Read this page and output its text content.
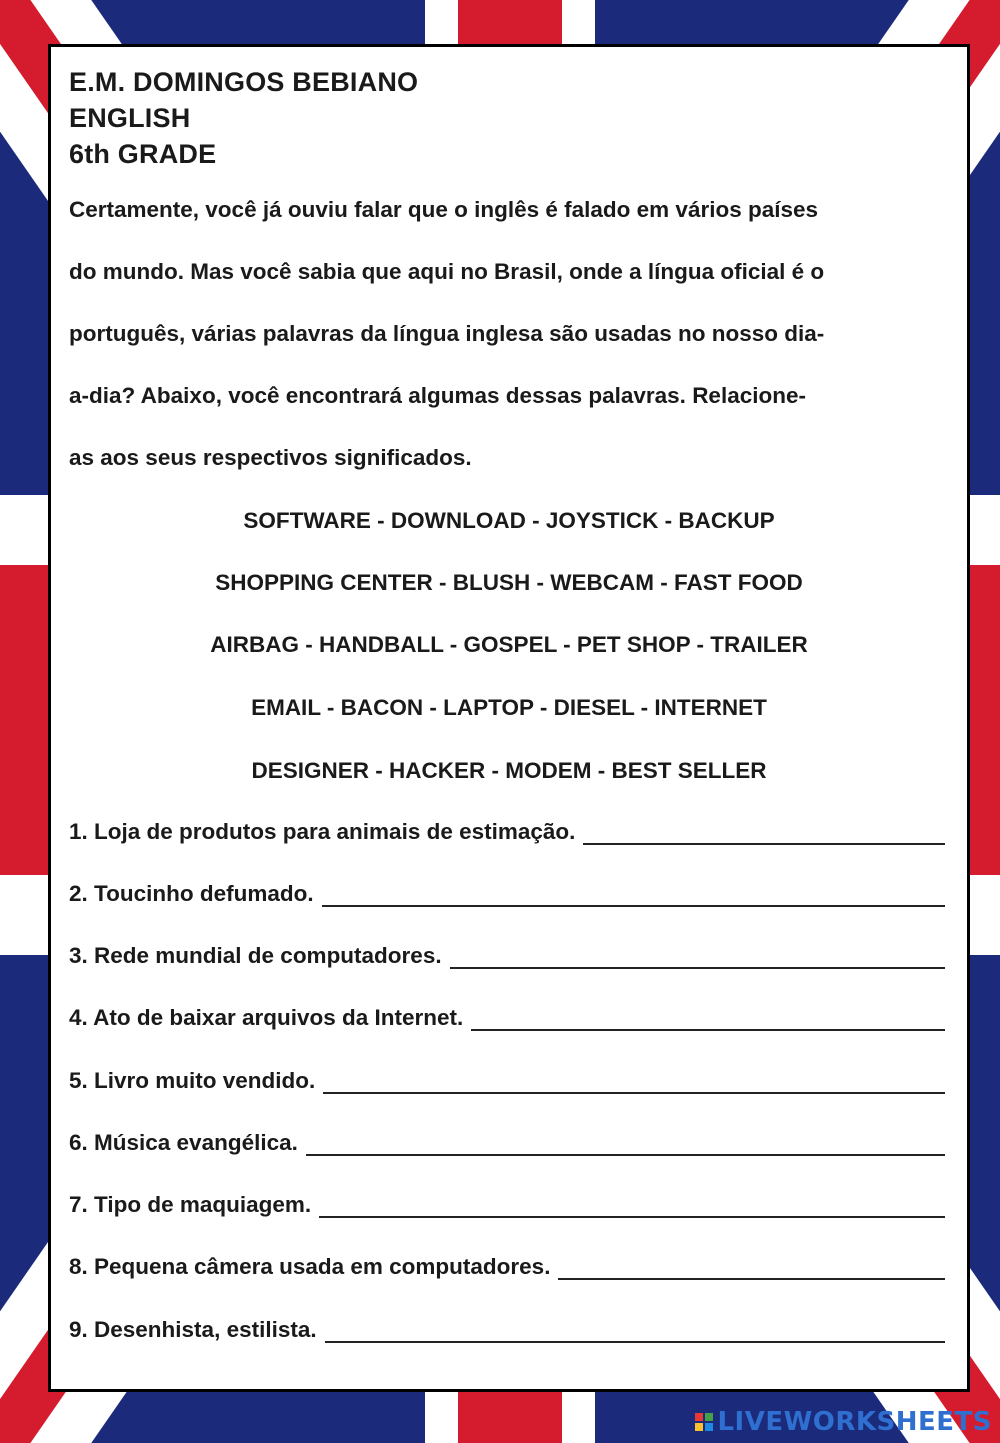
E.M. DOMINGOS BEBIANO
ENGLISH
6th GRADE
Certamente, você já ouviu falar que o inglês é falado em vários países
do mundo. Mas você sabia que aqui no Brasil, onde a língua oficial é o
português, várias palavras da língua inglesa são usadas no nosso dia-
a-dia? Abaixo, você encontrará algumas dessas palavras. Relacione-
as aos seus respectivos significados.
SOFTWARE - DOWNLOAD - JOYSTICK - BACKUP
SHOPPING CENTER - BLUSH - WEBCAM - FAST FOOD
AIRBAG - HANDBALL - GOSPEL - PET SHOP - TRAILER
EMAIL - BACON - LAPTOP - DIESEL - INTERNET
DESIGNER - HACKER - MODEM - BEST SELLER
1. Loja de produtos para animais de estimação.
2. Toucinho defumado.
3. Rede mundial de computadores.
4. Ato de baixar arquivos da Internet.
5. Livro muito vendido.
6. Música evangélica.
7. Tipo de maquiagem.
8. Pequena câmera usada em computadores.
9. Desenhista, estilista.
LIVEWORKSHEETS
